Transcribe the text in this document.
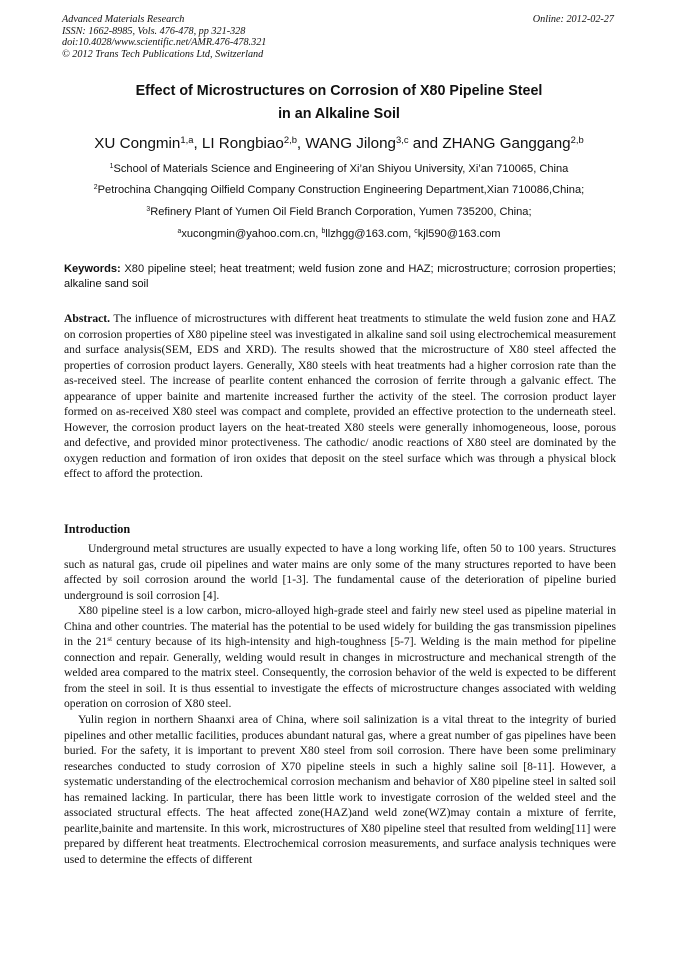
Advanced Materials Research
ISSN: 1662-8985, Vols. 476-478, pp 321-328
doi:10.4028/www.scientific.net/AMR.476-478.321
© 2012 Trans Tech Publications Ltd, Switzerland
Online: 2012-02-27
Effect of Microstructures on Corrosion of X80 Pipeline Steel
in an Alkaline Soil
XU Congmin$^{1,a}$, LI Rongbiao$^{2,b}$, WANG Jilong$^{3,c}$ and ZHANG Ganggang$^{2,b}$
$^1$School of Materials Science and Engineering of Xi’an Shiyou University, Xi’an 710065, China
$^2$Petrochina Changqing Oilfield Company Construction Engineering Department,Xian 710086,China;
$^3$Refinery Plant of Yumen Oil Field Branch Corporation, Yumen 735200, China;
$^a$xucongmin@yahoo.com.cn, $^b$llzhgg@163.com, $^c$kjl590@163.com
Keywords: X80 pipeline steel; heat treatment; weld fusion zone and HAZ; microstructure; corrosion properties; alkaline sand soil
Abstract. The influence of microstructures with different heat treatments to stimulate the weld fusion zone and HAZ on corrosion properties of X80 pipeline steel was investigated in alkaline sand soil using electrochemical measurement and surface analysis(SEM, EDS and XRD). The results showed that the microstructure of X80 steel affected the properties of corrosion product layers. Generally, X80 steels with heat treatments had a higher corrosion rate than the as-received steel. The increase of pearlite content enhanced the corrosion of ferrite through a galvanic effect. The appearance of upper bainite and martenite increased further the activity of the steel. The corrosion product layer formed on as-received X80 steel was compact and complete, provided an effective protection to the underneath steel. However, the corrosion product layers on the heat-treated X80 steels were generally inhomogeneous, loose, porous and defective, and provided minor protectiveness. The cathodic/ anodic reactions of X80 steel are dominated by the oxygen reduction and formation of iron oxides that deposit on the steel surface which was through a physical block effect to afford the protection.
Introduction

Underground metal structures are usually expected to have a long working life, often 50 to 100 years. Structures such as natural gas, crude oil pipelines and water mains are only some of the many structures reported to have been affected by soil corrosion around the world [1-3]. The fundamental cause of the deterioration of pipeline buried underground is soil corrosion [4].

X80 pipeline steel is a low carbon, micro-alloyed high-grade steel and fairly new steel used as pipeline material in China and other countries. The material has the potential to be used widely for building the gas transmission pipelines in the 21st century because of its high-intensity and high-toughness [5-7]. Welding is the main method for pipeline connection and repair. Generally, welding would result in changes in microstructure and mechanical strength of the welded area compared to the matrix steel. Consequently, the corrosion behavior of the weld is expected to be different from the steel in soil. It is thus essential to investigate the effects of microstructure changes associated with welding operation on corrosion of X80 steel.

Yulin region in northern Shaanxi area of China, where soil salinization is a vital threat to the integrity of buried pipelines and other metallic facilities, produces abundant natural gas, where a great number of gas pipelines have been buried. For the safety, it is important to prevent X80 steel from soil corrosion. There have been some preliminary researches conducted to study corrosion of X70 pipeline steels in such a highly saline soil [8-11]. However, a systematic understanding of the electrochemical corrosion mechanism and behavior of X80 pipeline steel in salted soil has remained lacking. In particular, there has been little work to investigate corrosion of the welded steel and the associated structural effects. The heat affected zone(HAZ)and weld zone(WZ)may contain a mixture of ferrite, pearlite,bainite and martensite. In this work, microstructures of X80 pipeline steel that resulted from welding[11] were prepared by different heat treatments. Electrochemical corrosion measurements, and surface analysis techniques were used to determine the effects of different
